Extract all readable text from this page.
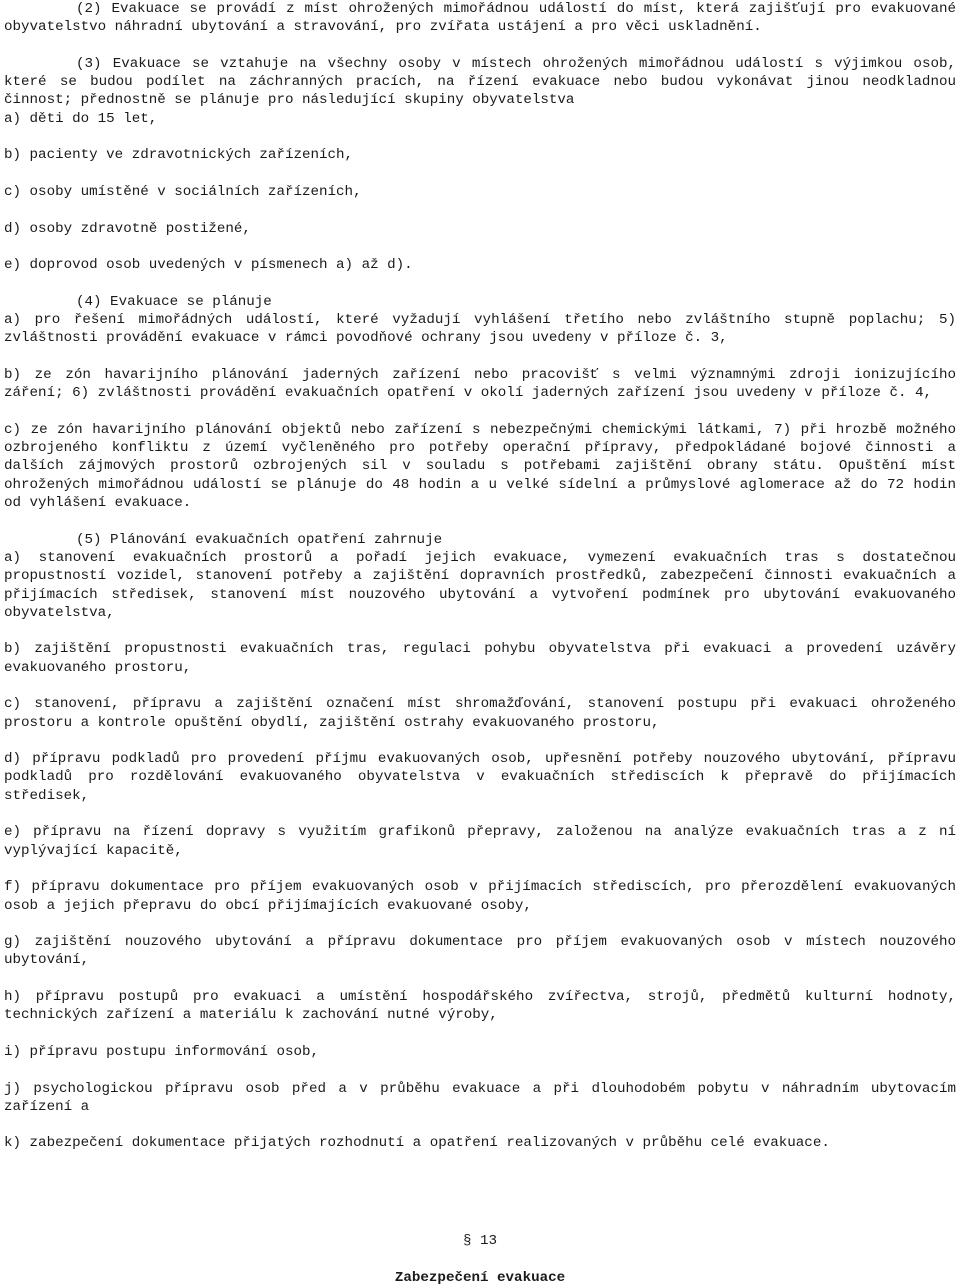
(2) Evakuace se provádí z míst ohrožených mimořádnou událostí do míst, která zajišťují pro evakuované obyvatelstvo náhradní ubytování a stravování, pro zvířata ustájení a pro věci uskladnění.

(3) Evakuace se vztahuje na všechny osoby v místech ohrožených mimořádnou událostí s výjimkou osob, které se budou podílet na záchranných pracích, na řízení evakuace nebo budou vykonávat jinou neodkladnou činnost; přednostně se plánuje pro následující skupiny obyvatelstva

a) děti do 15 let,

b) pacienty ve zdravotnických zařízeních,

c) osoby umístěné v sociálních zařízeních,

d) osoby zdravotně postižené,

e) doprovod osob uvedených v písmenech a) až d).

(4) Evakuace se plánuje

a) pro řešení mimořádných událostí, které vyžadují vyhlášení třetího nebo zvláštního stupně poplachu; 5) zvláštnosti provádění evakuace v rámci povodňové ochrany jsou uvedeny v příloze č. 3,

b) ze zón havarijního plánování jaderných zařízení nebo pracovišť s velmi významnými zdroji ionizujícího záření; 6) zvláštnosti provádění evakuačních opatření v okolí jaderných zařízení jsou uvedeny v příloze č. 4,

c) ze zón havarijního plánování objektů nebo zařízení s nebezpečnými chemickými látkami, 7) při hrozbě možného ozbrojeného konfliktu z území vyčleněného pro potřeby operační přípravy, předpokládané bojové činnosti a dalších zájmových prostorů ozbrojených sil v souladu s potřebami zajištění obrany státu. Opuštění míst ohrožených mimořádnou událostí se plánuje do 48 hodin a u velké sídelní a průmyslové aglomerace až do 72 hodin od vyhlášení evakuace.

(5) Plánování evakuačních opatření zahrnuje

a) stanovení evakuačních prostorů a pořadí jejich evakuace, vymezení evakuačních tras s dostatečnou propustností vozidel, stanovení potřeby a zajištění dopravních prostředků, zabezpečení činnosti evakuačních a přijímacích středisek, stanovení míst nouzového ubytování a vytvoření podmínek pro ubytování evakuovaného obyvatelstva,

b) zajištění propustnosti evakuačních tras, regulaci pohybu obyvatelstva při evakuaci a provedení uzávěry evakuovaného prostoru,

c) stanovení, přípravu a zajištění označení míst shromažďování, stanovení postupu při evakuaci ohroženého prostoru a kontrole opuštění obydlí, zajištění ostrahy evakuovaného prostoru,

d) přípravu podkladů pro provedení příjmu evakuovaných osob, upřesnění potřeby nouzového ubytování, přípravu podkladů pro rozdělování evakuovaného obyvatelstva v evakuačních střediscích k přepravě do přijímacích středisek,

e) přípravu na řízení dopravy s využitím grafikonů přepravy, založenou na analýze evakuačních tras a z ní vyplývající kapacitě,

f) přípravu dokumentace pro příjem evakuovaných osob v přijímacích střediscích, pro přerozdělení evakuovaných osob a jejich přepravu do obcí přijímajících evakuované osoby,

g) zajištění nouzového ubytování a přípravu dokumentace pro příjem evakuovaných osob v místech nouzového ubytování,

h) přípravu postupů pro evakuaci a umístění hospodářského zvířectva, strojů, předmětů kulturní hodnoty, technických zařízení a materiálu k zachování nutné výroby,

i) přípravu postupu informování osob,

j) psychologickou přípravu osob před a v průběhu evakuace a při dlouhodobém pobytu v náhradním ubytovacím zařízení a

k) zabezpečení dokumentace přijatých rozhodnutí a opatření realizovaných v průběhu celé evakuace.

§ 13
Zabezpečení evakuace
